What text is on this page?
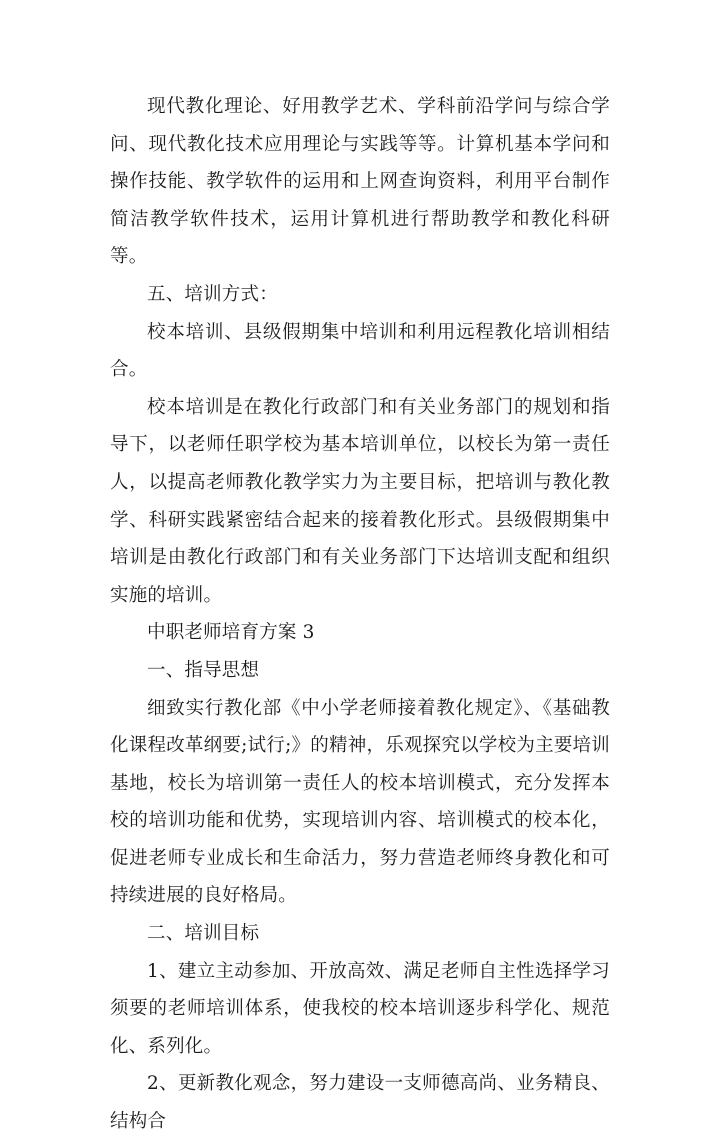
现代教化理论、好用教学艺术、学科前沿学问与综合学问、现代教化技术应用理论与实践等等。计算机基本学问和操作技能、教学软件的运用和上网查询资料，利用平台制作简洁教学软件技术，运用计算机进行帮助教学和教化科研等。

五、培训方式：

校本培训、县级假期集中培训和利用远程教化培训相结合。

校本培训是在教化行政部门和有关业务部门的规划和指导下，以老师任职学校为基本培训单位，以校长为第一责任人，以提高老师教化教学实力为主要目标，把培训与教化教学、科研实践紧密结合起来的接着教化形式。县级假期集中培训是由教化行政部门和有关业务部门下达培训支配和组织实施的培训。

中职老师培育方案 3

一、指导思想

细致实行教化部《中小学老师接着教化规定》、《基础教化课程改革纲要;试行;》的精神，乐观探究以学校为主要培训基地，校长为培训第一责任人的校本培训模式，充分发挥本校的培训功能和优势，实现培训内容、培训模式的校本化，促进老师专业成长和生命活力，努力营造老师终身教化和可持续进展的良好格局。

二、培训目标

1、建立主动参加、开放高效、满足老师自主性选择学习须要的老师培训体系，使我校的校本培训逐步科学化、规范化、系列化。

2、更新教化观念，努力建设一支师德高尚、业务精良、结构合
